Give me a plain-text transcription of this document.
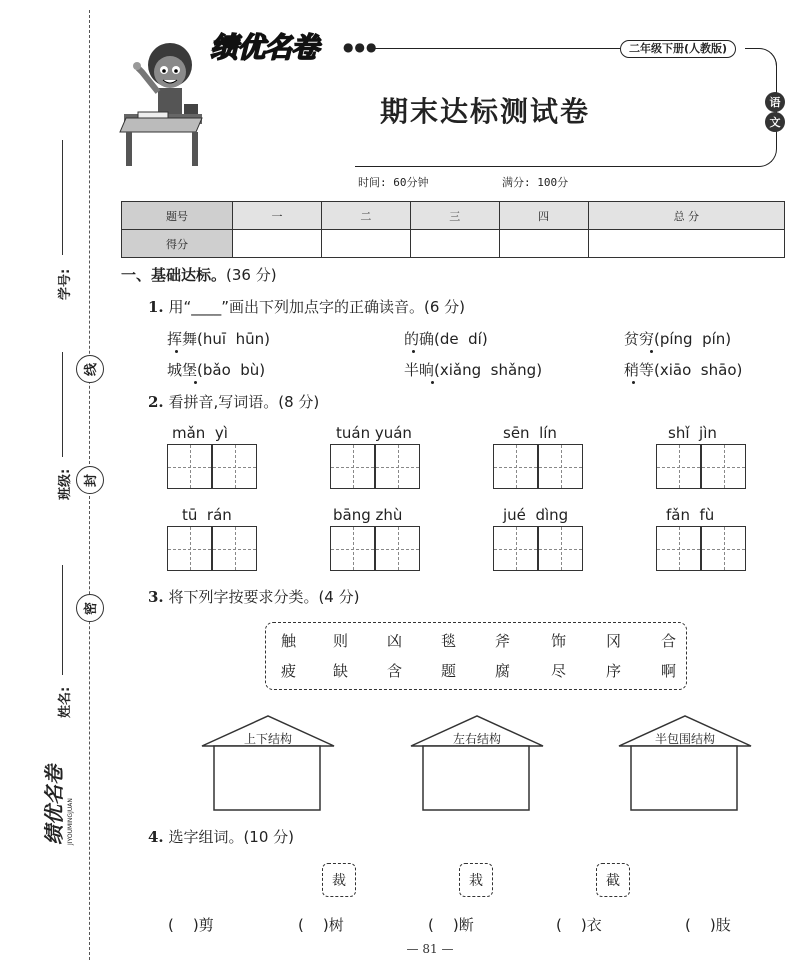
学号:
班级:
姓名:
线
封
密
绩优名卷 JIYOUMINGJUAN
绩优名卷 ●●●	二年级下册(人教版)
期末达标测试卷	语
文
时间: 60分钟	满分: 100分
题号	一	二	三	四	总 分
得分					
一、基础达标。(36 分)
1. 用“____”画出下列加点字的正确读音。(6 分)
挥舞(huī  hūn)	的确(de  dí)	贫穷(píng  pín)
城堡(bǎo  bù)	半晌(xiǎng  shǎng)	稍等(xiāo  shāo)
2. 看拼音,写词语。(8 分)
mǎn  yì	tuán yuán	sēn  lín	shǐ  jìn
tū  rán	bāng zhù	jué  dìng	fǎn  fù
3. 将下列字按要求分类。(4 分)
触 则	凶	毯	斧	饰	冈	合
疲 缺	含	题	腐	尽	序	啊
上下结构	左右结构	半包围结构
4. 选字组词。(10 分)
裁	栽	截
(    )剪	(    )树	(    )断	(    )衣	(    )肢
— 81 —
